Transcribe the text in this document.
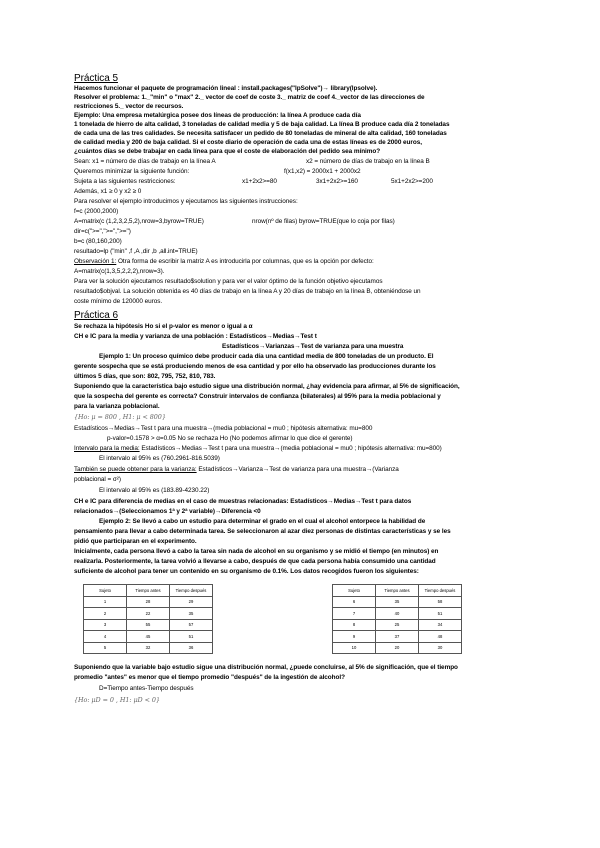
Práctica 5
Hacemos funcionar el paquete de programación lineal : install.packages("lpSolve")→ library(lpsolve).
Resolver el problema: 1._"min" o "max" 2._ vector de coef de coste 3._ matriz de coef 4._vector de las direcciones de
restricciones 5._ vector de recursos.
Ejemplo: Una empresa metalúrgica posee dos líneas de producción: la línea A produce cada día
1 tonelada de hierro de alta calidad, 3 toneladas de calidad media y 5 de baja calidad. La línea B produce cada día 2 toneladas
de cada una de las tres calidades. Se necesita satisfacer un pedido de 80 toneladas de mineral de alta calidad, 160 toneladas
de calidad media y 200 de baja calidad. Si el coste diario de operación de cada una de estas líneas es de 2000 euros,
¿cuántos días se debe trabajar en cada línea para que el coste de elaboración del pedido sea mínimo?
Sean: x1 = número de días de trabajo en la línea A	x2 = número de días de trabajo en la línea B
Queremos minimizar la siguiente función:	f(x1,x2) = 2000x1 + 2000x2
Sujeta a las siguientes restricciones:	x1+2x2>=80	3x1+2x2>=160	5x1+2x2>=200
Además, x1 ≥ 0 y x2 ≥ 0
Para resolver el ejemplo introducimos y ejecutamos las siguientes instrucciones:
f=c (2000,2000)
A=matrix(c (1,2,3,2,5,2),nrow=3,byrow=TRUE)	nrow(nº de filas) byrow=TRUE(que lo coja por filas)
dir=c(">=",">=",">=")
b=c (80,160,200)
resultado=lp ("min" ,f ,A ,dir ,b ,all.int=TRUE)
Observación 1: Otra forma de escribir la matriz A es introducirla por columnas, que es la opción por defecto:
A=matrix(c(1,3,5,2,2,2),nrow=3).
Para ver la solución ejecutamos resultado$solution y para ver el valor óptimo de la función objetivo ejecutamos
resultado$objval. La solución obtenida es 40 días de trabajo en la línea A y 20 días de trabajo en la línea B, obteniéndose un
coste mínimo de 120000 euros.
Práctica 6
Se rechaza la hipótesis Ho si el p-valor es menor o igual a α
CH e IC para la media y varianza de una población : Estadísticos→Medias→Test t
Estadísticos→Varianzas→Test de varianza para una muestra
Ejemplo 1: Un proceso químico debe producir cada día una cantidad media de 800 toneladas de un producto. El
gerente sospecha que se está produciendo menos de esa cantidad y por ello ha observado las producciones durante los
últimos 5 días, que son: 802, 795, 752, 810, 783.
Suponiendo que la característica bajo estudio sigue una distribución normal, ¿hay evidencia para afirmar, al 5% de significación,
que la sospecha del gerente es correcta? Construir intervalos de confianza (bilaterales) al 95% para la media poblacional y
para la varianza poblacional.
{Ho: μ = 800 , H1: μ < 800}
Estadísticos→Medias→Test t para una muestra→(media poblacional = mu0 ; hipótesis alternativa: mu=800
p-valor=0.1578 > α=0.05 No se rechaza Ho (No podemos afirmar lo que dice el gerente)
Intervalo para la media: Estadísticos→Medias→Test t para una muestra→(media poblacional = mu0 ; hipótesis alternativa: mu=800)
El intervalo al 95% es (760.2961-816.5039)
También se puede obtener para la varianza: Estadísticos→Varianza→Test de varianza para una muestra→(Varianza
poblacional = σ²)
El intervalo al 95% es (183.89-4230.22)
CH e IC para diferencia de medias en el caso de muestras relacionadas: Estadísticos→Medias→Test t para datos
relacionados→(Seleccionamos 1ª y 2ª variable)→Diferencia <0
Ejemplo 2: Se llevó a cabo un estudio para determinar el grado en el cual el alcohol entorpece la habilidad de
pensamiento para llevar a cabo determinada tarea. Se seleccionaron al azar diez personas de distintas características y se les
pidió que participaran en el experimento.
Inicialmente, cada persona llevó a cabo la tarea sin nada de alcohol en su organismo y se midió el tiempo (en minutos) en
realizarla. Posteriormente, la tarea volvió a llevarse a cabo, después de que cada persona había consumido una cantidad
suficiente de alcohol para tener un contenido en su organismo de 0.1%. Los datos recogidos fueron los siguientes:
Sujeto	Tiempo antes	Tiempo después
1	28	29
2	22	35
3	55	57
4	45	51
5	32	36
Sujeto	Tiempo antes	Tiempo después
6	35	58
7	40	51
8	25	34
9	37	48
10	20	30
Suponiendo que la variable bajo estudio sigue una distribución normal, ¿puede concluirse, al 5% de significación, que el tiempo
promedio "antes" es menor que el tiempo promedio "después" de la ingestión de alcohol?
D=Tiempo antes-Tiempo después
{Ho: μD = 0 , H1: μD < 0}
